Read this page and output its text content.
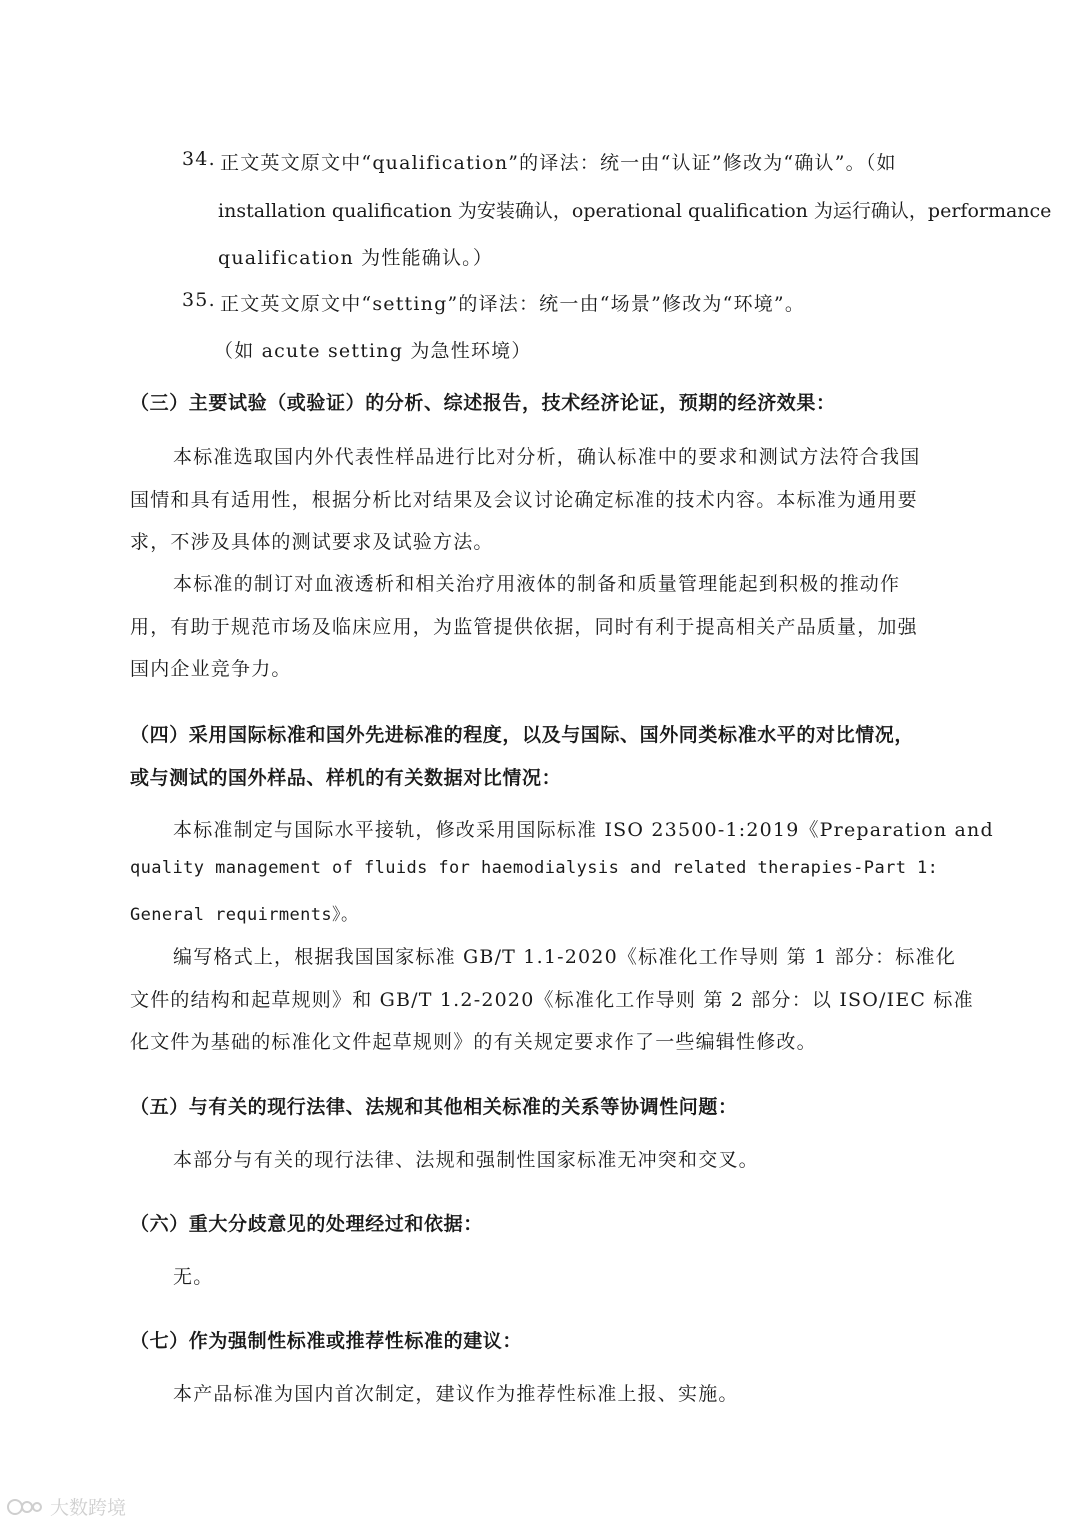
34. 正文英文原文中“qualification”的译法：统一由“认证”修改为“确认”。（如
installation qualification 为安装确认，operational qualification 为运行确认，performance
qualification 为性能确认。）
35. 正文英文原文中“setting”的译法：统一由“场景”修改为“环境”。
（如 acute setting 为急性环境）
（三）主要试验（或验证）的分析、综述报告，技术经济论证，预期的经济效果：
本标准选取国内外代表性样品进行比对分析，确认标准中的要求和测试方法符合我国
国情和具有适用性，根据分析比对结果及会议讨论确定标准的技术内容。本标准为通用要
求，不涉及具体的测试要求及试验方法。
本标准的制订对血液透析和相关治疗用液体的制备和质量管理能起到积极的推动作
用，有助于规范市场及临床应用，为监管提供依据，同时有利于提高相关产品质量，加强
国内企业竞争力。
（四）采用国际标准和国外先进标准的程度，以及与国际、国外同类标准水平的对比情况，
或与测试的国外样品、样机的有关数据对比情况：
本标准制定与国际水平接轨，修改采用国际标准 ISO 23500-1:2019《Preparation and
quality management of fluids for haemodialysis and related therapies-Part 1:
General requirments》。
编写格式上，根据我国国家标准 GB/T 1.1-2020《标准化工作导则 第 1 部分：标准化
文件的结构和起草规则》和 GB/T 1.2-2020《标准化工作导则 第 2 部分：以 ISO/IEC 标准
化文件为基础的标准化文件起草规则》的有关规定要求作了一些编辑性修改。
（五）与有关的现行法律、法规和其他相关标准的关系等协调性问题：
本部分与有关的现行法律、法规和强制性国家标准无冲突和交叉。
（六）重大分歧意见的处理经过和依据：
无。
（七）作为强制性标准或推荐性标准的建议：
本产品标准为国内首次制定，建议作为推荐性标准上报、实施。
大数跨境
